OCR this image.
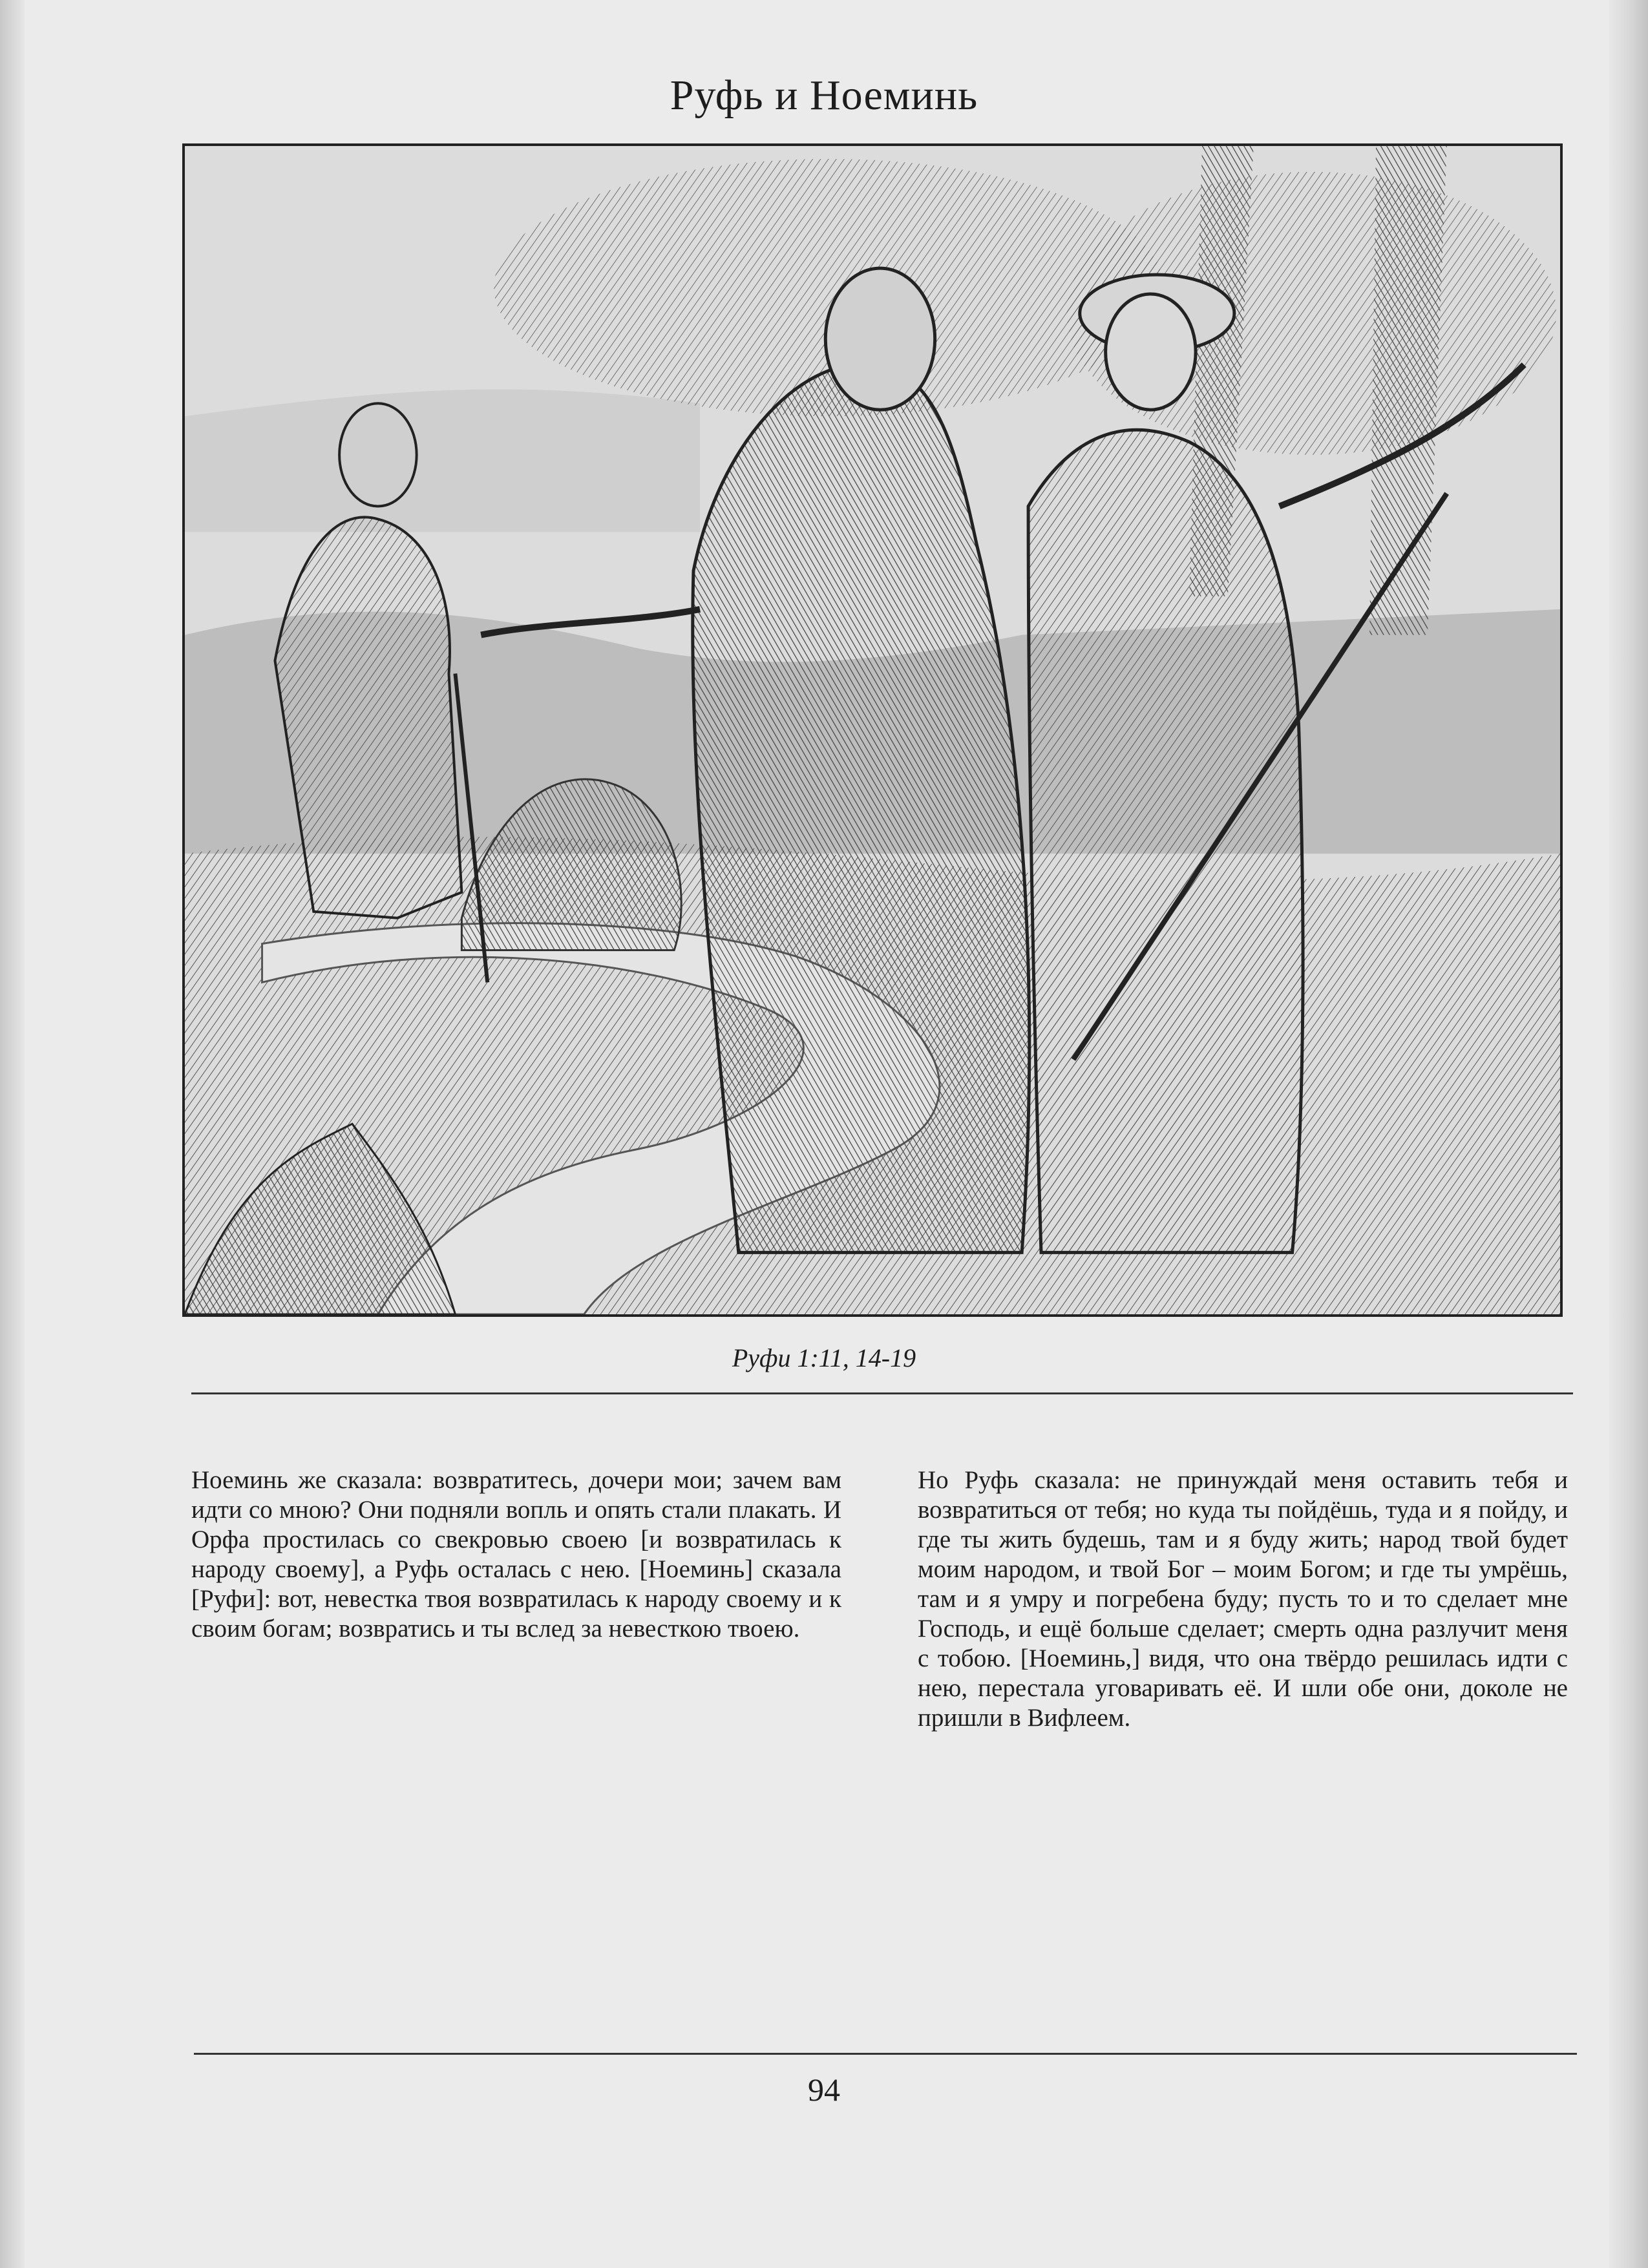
Руфь и Ноеминь
Руфи 1:11, 14-19
Ноеминь же сказала: возвратитесь, дочери мои; зачем вам идти со мною? Они подняли вопль и опять стали плакать. И Орфа простилась со свекровью своею [и возвратилась к народу своему], а Руфь осталась с нею. [Ноеминь] сказала [Руфи]: вот, невестка твоя возвратилась к народу своему и к своим богам; возвратись и ты вслед за невесткою твоею.
Но Руфь сказала: не принуждай меня оставить тебя и возвратиться от тебя; но куда ты пойдёшь, туда и я пойду, и где ты жить будешь, там и я буду жить; народ твой будет моим народом, и твой Бог – моим Богом; и где ты умрёшь, там и я умру и погребена буду; пусть то и то сделает мне Господь, и ещё больше сделает; смерть одна разлучит меня с тобою. [Ноеминь,] видя, что она твёрдо решилась идти с нею, перестала уговаривать её. И шли обе они, доколе не пришли в Вифлеем.
94
